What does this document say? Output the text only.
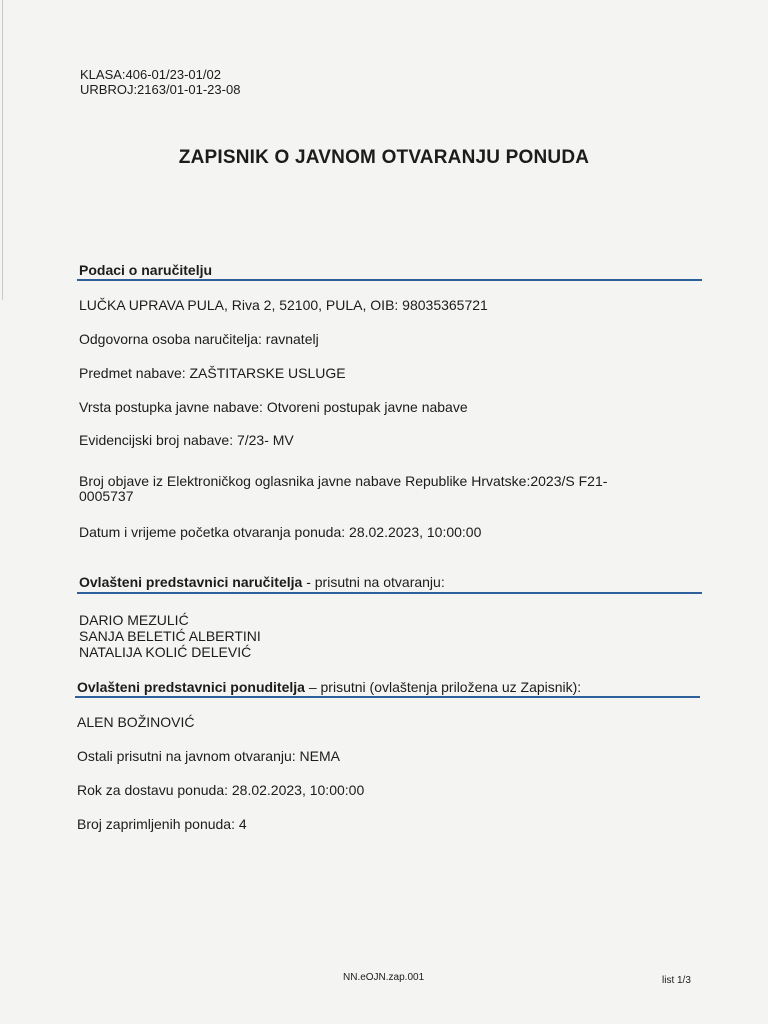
KLASA:406-01/23-01/02
URBROJ:2163/01-01-23-08
ZAPISNIK O JAVNOM OTVARANJU PONUDA
Podaci o naručitelju
LUČKA UPRAVA PULA, Riva 2, 52100, PULA, OIB: 98035365721
Odgovorna osoba naručitelja: ravnatelj
Predmet nabave: ZAŠTITARSKE USLUGE
Vrsta postupka javne nabave: Otvoreni postupak javne nabave
Evidencijski broj nabave: 7/23- MV
Broj objave iz Elektroničkog oglasnika javne nabave Republike Hrvatske:2023/S F21-
0005737
Datum i vrijeme početka otvaranja ponuda: 28.02.2023, 10:00:00
Ovlašteni predstavnici naručitelja - prisutni na otvaranju:
DARIO MEZULIĆ
SANJA BELETIĆ ALBERTINI
NATALIJA KOLIĆ DELEVIĆ
Ovlašteni predstavnici ponuditelja – prisutni (ovlaštenja priložena uz Zapisnik):
ALEN BOŽINOVIĆ
Ostali prisutni na javnom otvaranju: NEMA
Rok za dostavu ponuda: 28.02.2023, 10:00:00
Broj zaprimljenih ponuda: 4
NN.eOJN.zap.001	list 1/3
